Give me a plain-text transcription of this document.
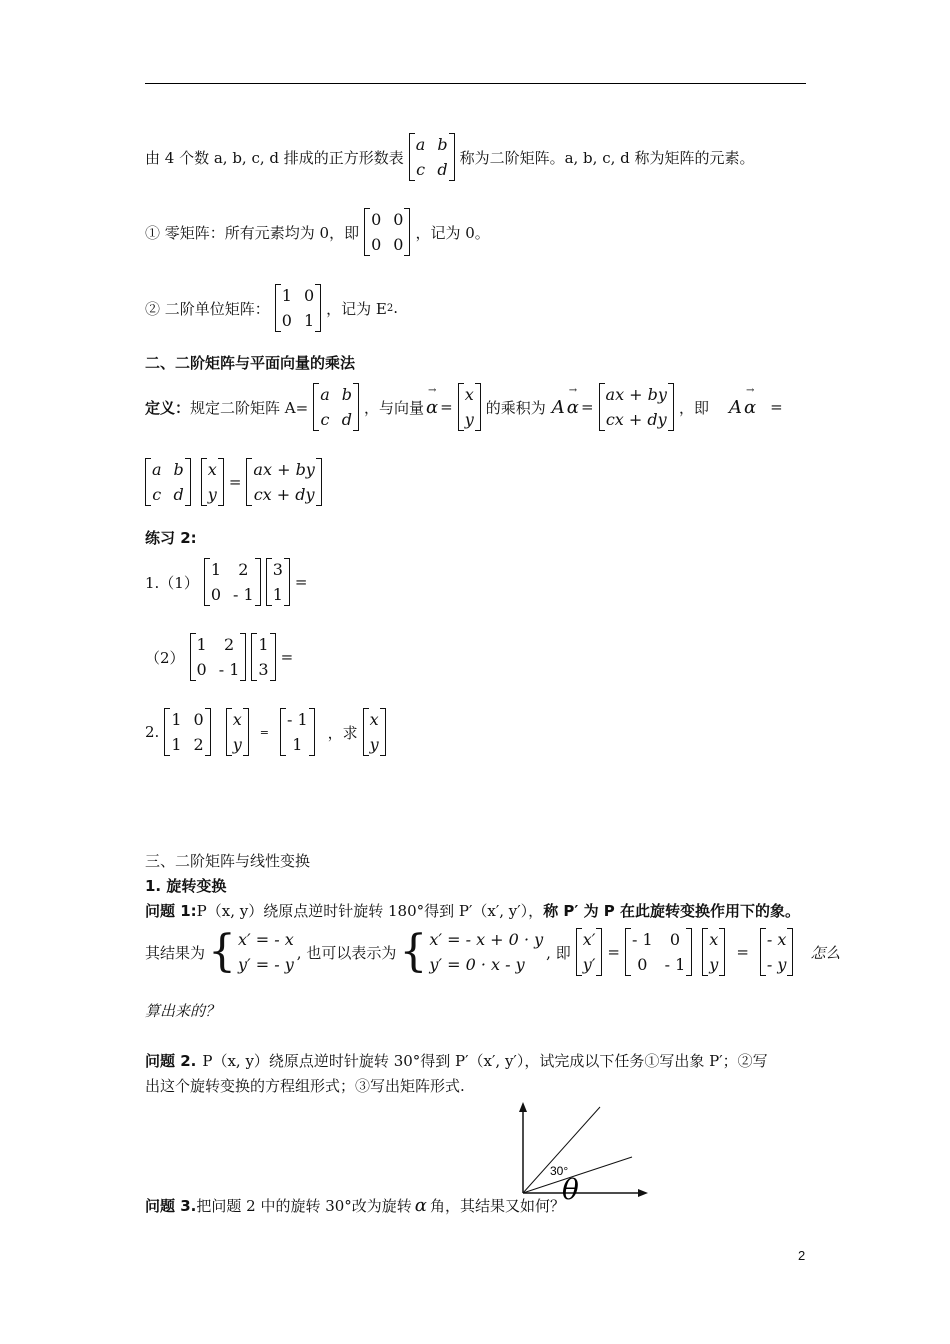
由 4 个数 a, b, c, d 排成的正方形数表
a b
c d
称为二阶矩阵。a, b, c, d 称为矩阵的元素。
① 零矩阵：所有元素均为 0，即
0 0
0 0
，记为 0。
② 二阶单位矩阵：
1 0
0 1
，记为 E 2 .
二、二阶矩阵与平面向量的乘法
定义： 规定二阶矩阵 A=
a b
c d
，与向量 → α =
x
y
的乘积为 A → α =
ax + by
cx + dy
，即 A → α =
a b
c d
x
y
=
ax + by
cx + dy
练习 2:
1.（1）
1 2
0 - 1
3
1
=
（2）
1 2
0 - 1
1
3
=
2.
1 0
1 2
x
y
=
- 1
1
，求
x
y
三、二阶矩阵与线性变换
1. 旋转变换
问题 1: P（x, y）绕原点逆时针旋转 180°得到 P′（x′, y′）， 称 P′ 为 P 在此旋转变换作用下的象。
其结果为 { x′ = - x
y′ = - y
, 也可以表示为 { x′ = - x + 0 · y
y′ = 0 · x - y
, 即
x′
y′
=
- 1 0
0 - 1
x
y
=
- x
- y
怎么
算出来的？
问题 2. P（x, y）绕原点逆时针旋转 30°得到 P′（x′, y′），试完成以下任务①写出象 P′；②写
出这个旋转变换的方程组形式；③写出矩阵形式.
30°
θ
问题 3. 把问题 2 中的旋转 30°改为旋转 α 角，其结果又如何？
2
